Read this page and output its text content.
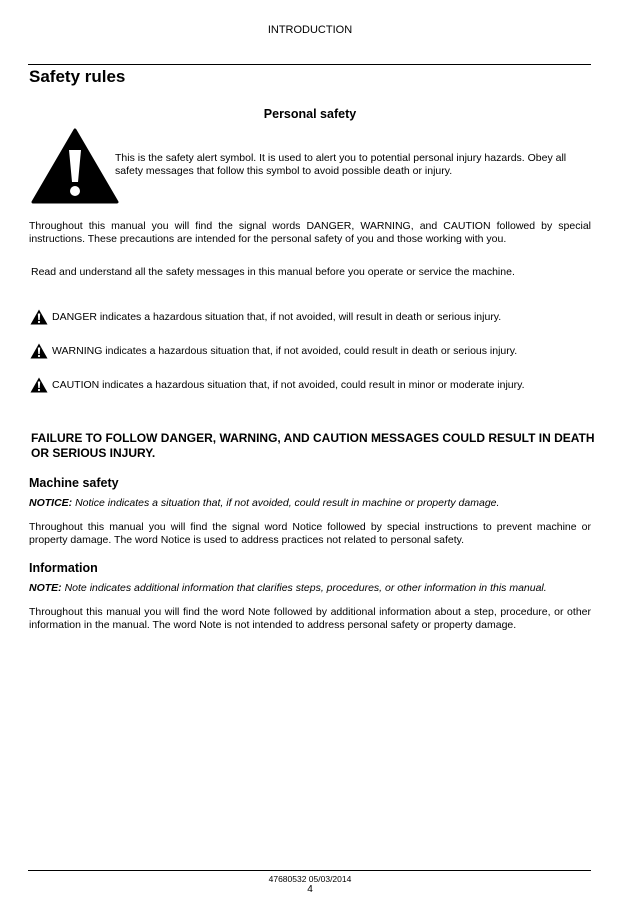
INTRODUCTION
Safety rules
Personal safety
This is the safety alert symbol. It is used to alert you to potential personal injury hazards. Obey all safety messages that follow this symbol to avoid possible death or injury.
Throughout this manual you will find the signal words DANGER, WARNING, and CAUTION followed by special instructions. These precautions are intended for the personal safety of you and those working with you.
Read and understand all the safety messages in this manual before you operate or service the machine.
DANGER indicates a hazardous situation that, if not avoided, will result in death or serious injury.
WARNING indicates a hazardous situation that, if not avoided, could result in death or serious injury.
CAUTION indicates a hazardous situation that, if not avoided, could result in minor or moderate injury.
FAILURE TO FOLLOW DANGER, WARNING, AND CAUTION MESSAGES COULD RESULT IN DEATH OR SERIOUS INJURY.
Machine safety
NOTICE: Notice indicates a situation that, if not avoided, could result in machine or property damage.
Throughout this manual you will find the signal word Notice followed by special instructions to prevent machine or property damage. The word Notice is used to address practices not related to personal safety.
Information
NOTE: Note indicates additional information that clarifies steps, procedures, or other information in this manual.
Throughout this manual you will find the word Note followed by additional information about a step, procedure, or other information in the manual. The word Note is not intended to address personal safety or property damage.
47680532 05/03/2014
4
